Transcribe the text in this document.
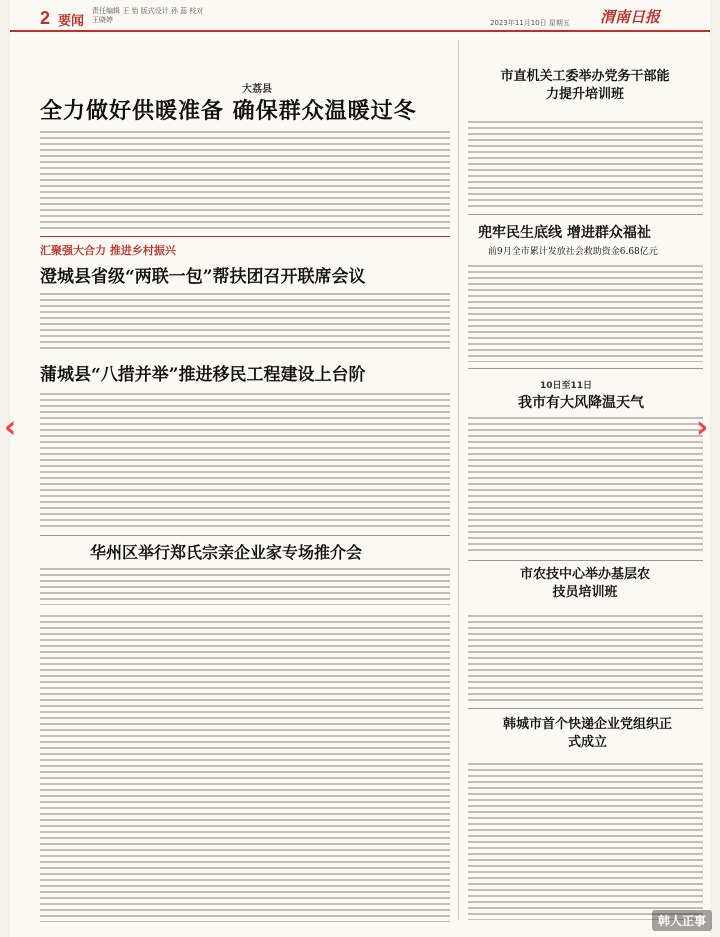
2 要闻
责任编辑 王 怡 版式设计 孙 蕊 校对 王晓婷	2023年11月10日 星期五 渭南日报
大荔县
全力做好供暖准备 确保群众温暖过冬
汇聚强大合力 推进乡村振兴
澄城县省级“两联一包”帮扶团召开联席会议
蒲城县“八措并举”推进移民工程建设上台阶
华州区举行郑氏宗亲企业家专场推介会
市直机关工委举办党务干部能力提升培训班
兜牢民生底线 增进群众福祉
前9月全市累计发放社会救助资金6.68亿元
10日至11日
我市有大风降温天气
市农技中心举办基层农技员培训班
韩城市首个快递企业党组织正式成立
‹	›
韩人正事
